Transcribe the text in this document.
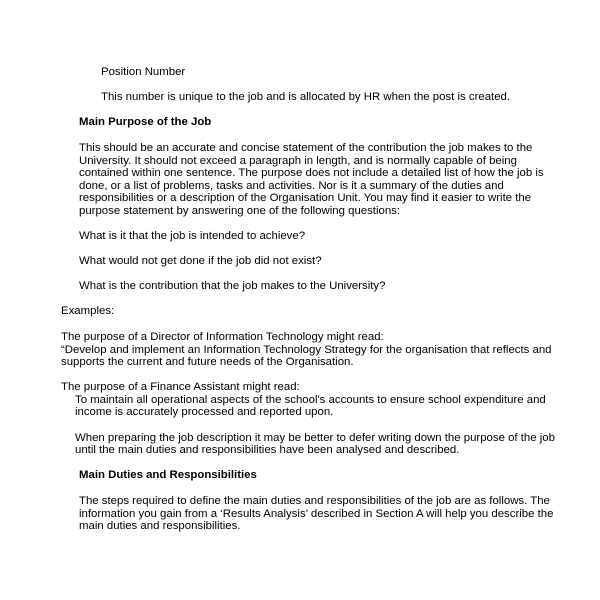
Position Number
This number is unique to the job and is allocated by HR when the post is created.
Main Purpose of the Job
This should be an accurate and concise statement of the contribution the job makes to the
University. It should not exceed a paragraph in length, and is normally capable of being
contained within one sentence. The purpose does not include a detailed list of how the job is
done, or a list of problems, tasks and activities. Nor is it a summary of the duties and
responsibilities or a description of the Organisation Unit. You may find it easier to write the
purpose statement by answering one of the following questions:
What is it that the job is intended to achieve?
What would not get done if the job did not exist?
What is the contribution that the job makes to the University?
Examples:
The purpose of a Director of Information Technology might read:
“Develop and implement an Information Technology Strategy for the organisation that reflects and
supports the current and future needs of the Organisation.
The purpose of a Finance Assistant might read:
To maintain all operational aspects of the school's accounts to ensure school expenditure and
income is accurately processed and reported upon.
When preparing the job description it may be better to defer writing down the purpose of the job
until the main duties and responsibilities have been analysed and described.
Main Duties and Responsibilities
The steps required to define the main duties and responsibilities of the job are as follows. The
information you gain from a ‘Results Analysis’ described in Section A will help you describe the
main duties and responsibilities.
